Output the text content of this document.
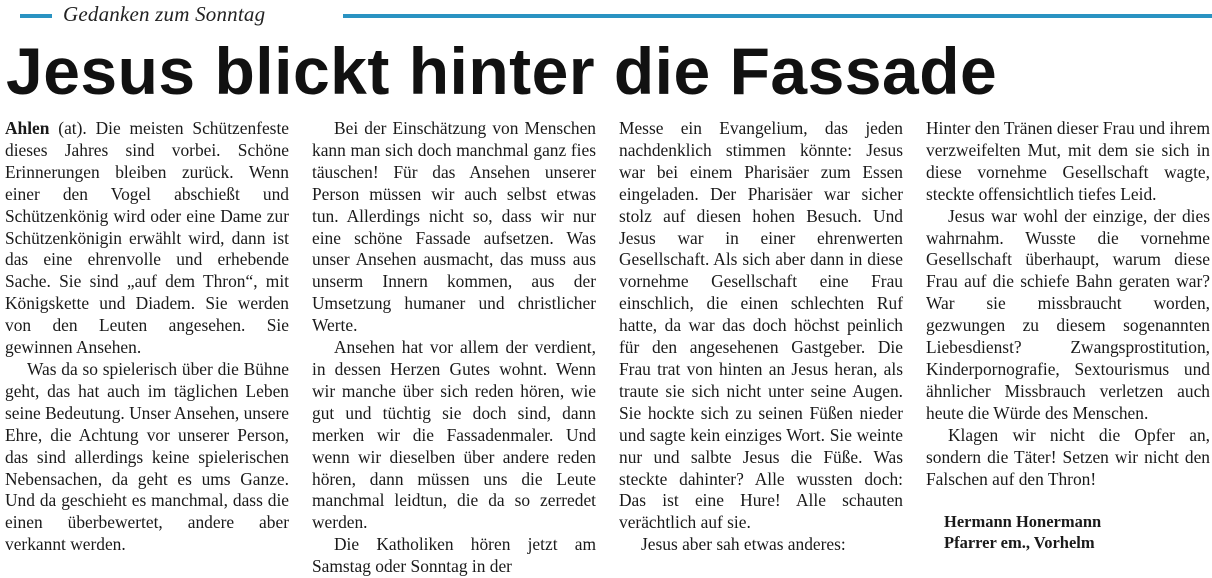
Gedanken zum Sonntag
Jesus blickt hinter die Fassade

Ahlen (at). Die meisten Schützenfeste dieses Jahres sind vorbei. Schöne Erinnerungen bleiben zurück. Wenn einer den Vogel abschießt und Schützenkönig wird oder eine Dame zur Schützenkönigin erwählt wird, dann ist das eine ehrenvolle und erhebende Sache. Sie sind „auf dem Thron“, mit Königskette und Diadem. Sie werden von den Leuten angesehen. Sie gewinnen Ansehen.

Was da so spielerisch über die Bühne geht, das hat auch im täglichen Leben seine Bedeutung. Unser Ansehen, unsere Ehre, die Achtung vor unserer Person, das sind allerdings keine spielerischen Nebensachen, da geht es ums Ganze. Und da geschieht es manchmal, dass die einen überbewertet, andere aber verkannt werden.

Bei der Einschätzung von Menschen kann man sich doch manchmal ganz fies täuschen! Für das Ansehen unserer Person müssen wir auch selbst etwas tun. Allerdings nicht so, dass wir nur eine schöne Fassade aufsetzen. Was unser Ansehen ausmacht, das muss aus unserm Innern kommen, aus der Umsetzung humaner und christlicher Werte.

Ansehen hat vor allem der verdient, in dessen Herzen Gutes wohnt. Wenn wir manche über sich reden hören, wie gut und tüchtig sie doch sind, dann merken wir die Fassadenmaler. Und wenn wir dieselben über andere reden hören, dann müssen uns die Leute manchmal leidtun, die da so zerredet werden.

Die Katholiken hören jetzt am Samstag oder Sonntag in der

Messe ein Evangelium, das jeden nachdenklich stimmen könnte: Jesus war bei einem Pharisäer zum Essen eingeladen. Der Pharisäer war sicher stolz auf diesen hohen Besuch. Und Jesus war in einer ehrenwerten Gesellschaft. Als sich aber dann in diese vornehme Gesellschaft eine Frau einschlich, die einen schlechten Ruf hatte, da war das doch höchst peinlich für den angesehenen Gastgeber. Die Frau trat von hinten an Jesus heran, als traute sie sich nicht unter seine Augen. Sie hockte sich zu seinen Füßen nieder und sagte kein einziges Wort. Sie weinte nur und salbte Jesus die Füße. Was steckte dahinter? Alle wussten doch: Das ist eine Hure! Alle schauten verächtlich auf sie.

Jesus aber sah etwas anderes:

Hinter den Tränen dieser Frau und ihrem verzweifelten Mut, mit dem sie sich in diese vornehme Gesellschaft wagte, steckte offensichtlich tiefes Leid.

Jesus war wohl der einzige, der dies wahrnahm. Wusste die vornehme Gesellschaft überhaupt, warum diese Frau auf die schiefe Bahn geraten war? War sie missbraucht worden, gezwungen zu diesem sogenannten Liebesdienst? Zwangsprostitution, Kinderpornografie, Sextourismus und ähnlicher Missbrauch verletzen auch heute die Würde des Menschen.

Klagen wir nicht die Opfer an, sondern die Täter! Setzen wir nicht den Falschen auf den Thron!

Hermann Honermann
Pfarrer em., Vorhelm
